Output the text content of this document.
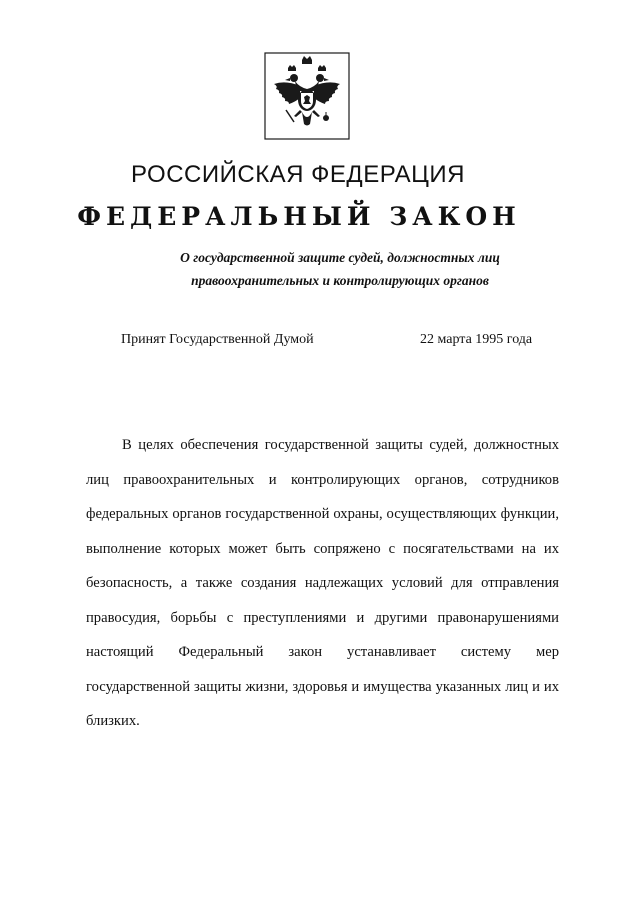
РОССИЙСКАЯ ФЕДЕРАЦИЯ
ФЕДЕРАЛЬНЫЙ ЗАКОН
О государственной защите судей, должностных лиц
правоохранительных и контролирующих органов
Принят Государственной Думой	22 марта 1995 года

В целях обеспечения государственной защиты судей, должностных лиц правоохранительных и контролирующих органов, сотрудников федеральных органов государственной охраны, осуществляющих функции, выполнение которых может быть сопряжено с посягательствами на их безопасность, а также создания надлежащих условий для отправления правосудия, борьбы с преступлениями и другими правонарушениями настоящий Федеральный закон устанавливает систему мер государственной защиты жизни, здоровья и имущества указанных лиц и их близких.
